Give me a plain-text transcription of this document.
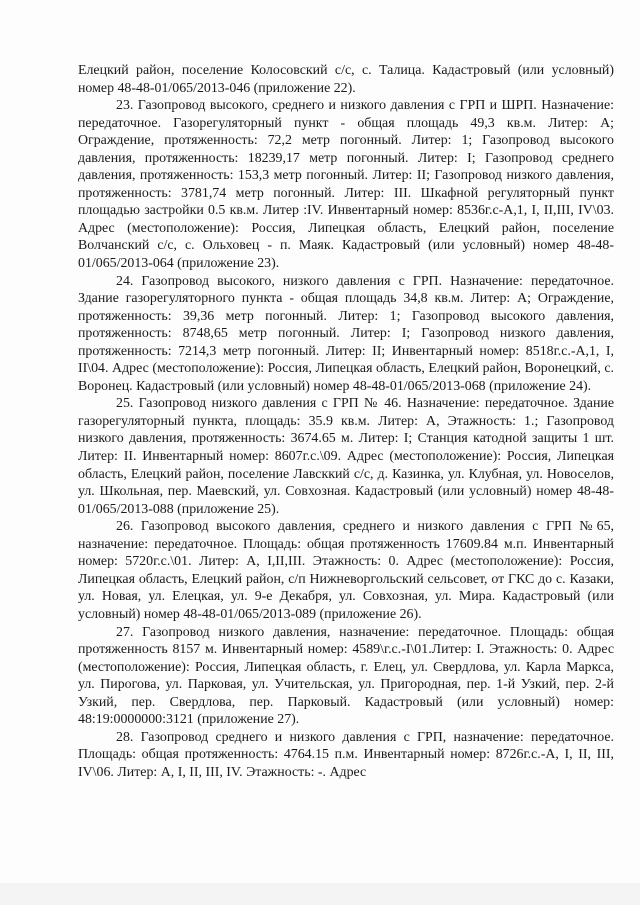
Елецкий район, поселение Колосовский с/с, с. Талица. Кадастровый (или условный) номер 48-48-01/065/2013-046 (приложение 22).

23. Газопровод высокого, среднего и низкого давления с ГРП и ШРП. Назначение: передаточное. Газорегуляторный пункт - общая площадь 49,3 кв.м. Литер: А; Ограждение, протяженность: 72,2 метр погонный. Литер: 1; Газопровод высокого давления, протяженность: 18239,17 метр погонный. Литер: I; Газопровод среднего давления, протяженность: 153,3 метр погонный. Литер: II; Газопровод низкого давления, протяженность: 3781,74 метр погонный. Литер: III. Шкафной регуляторный пункт площадью застройки 0.5 кв.м. Литер :IV. Инвентарный номер: 8536г.с-А,1, I, II,III, IV\03. Адрес (местоположение): Россия, Липецкая область, Елецкий район, поселение Волчанский с/с, с. Ольховец - п. Маяк. Кадастровый (или условный) номер 48-48-01/065/2013-064 (приложение 23).

24. Газопровод высокого, низкого давления с ГРП. Назначение: передаточное. Здание газорегуляторного пункта - общая площадь 34,8 кв.м. Литер: А; Ограждение, протяженность: 39,36 метр погонный. Литер: 1; Газопровод высокого давления, протяженность: 8748,65 метр погонный. Литер: I; Газопровод низкого давления, протяженность: 7214,3 метр погонный. Литер: II; Инвентарный номер: 8518г.с.-А,1, I, II\04. Адрес (местоположение): Россия, Липецкая область, Елецкий район, Воронецкий, с. Воронец. Кадастровый (или условный) номер 48-48-01/065/2013-068 (приложение 24).

25. Газопровод низкого давления с ГРП № 46. Назначение: передаточное. Здание газорегуляторный пункта, площадь: 35.9 кв.м. Литер: А, Этажность: 1.; Газопровод низкого давления, протяженность: 3674.65 м. Литер: I; Станция катодной защиты 1 шт. Литер: II. Инвентарный номер: 8607г.с.\09. Адрес (местоположение): Россия, Липецкая область, Елецкий район, поселение Лавсккий с/с, д. Казинка, ул. Клубная, ул. Новоселов, ул. Школьная, пер. Маевский, ул. Совхозная. Кадастровый (или условный) номер 48-48-01/065/2013-088 (приложение 25).

26. Газопровод высокого давления, среднего и низкого давления с ГРП №65, назначение: передаточное. Площадь: общая протяженность 17609.84 м.п. Инвентарный номер: 5720г.с.\01. Литер: А, I,II,III. Этажность: 0. Адрес (местоположение): Россия, Липецкая область, Елецкий район, с/п Нижневоргольский сельсовет, от ГКС до с. Казаки, ул. Новая, ул. Елецкая, ул. 9-е Декабря, ул. Совхозная, ул. Мира. Кадастровый (или условный) номер 48-48-01/065/2013-089 (приложение 26).

27. Газопровод низкого давления, назначение: передаточное. Площадь: общая протяженность 8157 м. Инвентарный номер: 4589\г.с.-I\01.Литер: I. Этажность: 0. Адрес (местоположение): Россия, Липецкая область, г. Елец, ул. Свердлова, ул. Карла Маркса, ул. Пирогова, ул. Парковая, ул. Учительская, ул. Пригородная, пер. 1-й Узкий, пер. 2-й Узкий, пер. Свердлова, пер. Парковый. Кадастровый (или условный) номер: 48:19:0000000:3121 (приложение 27).

28. Газопровод среднего и низкого давления с ГРП, назначение: передаточное. Площадь: общая протяженность: 4764.15 п.м. Инвентарный номер: 8726г.с.-А, I, II, III, IV\06. Литер: А, I, II, III, IV. Этажность: -. Адрес
